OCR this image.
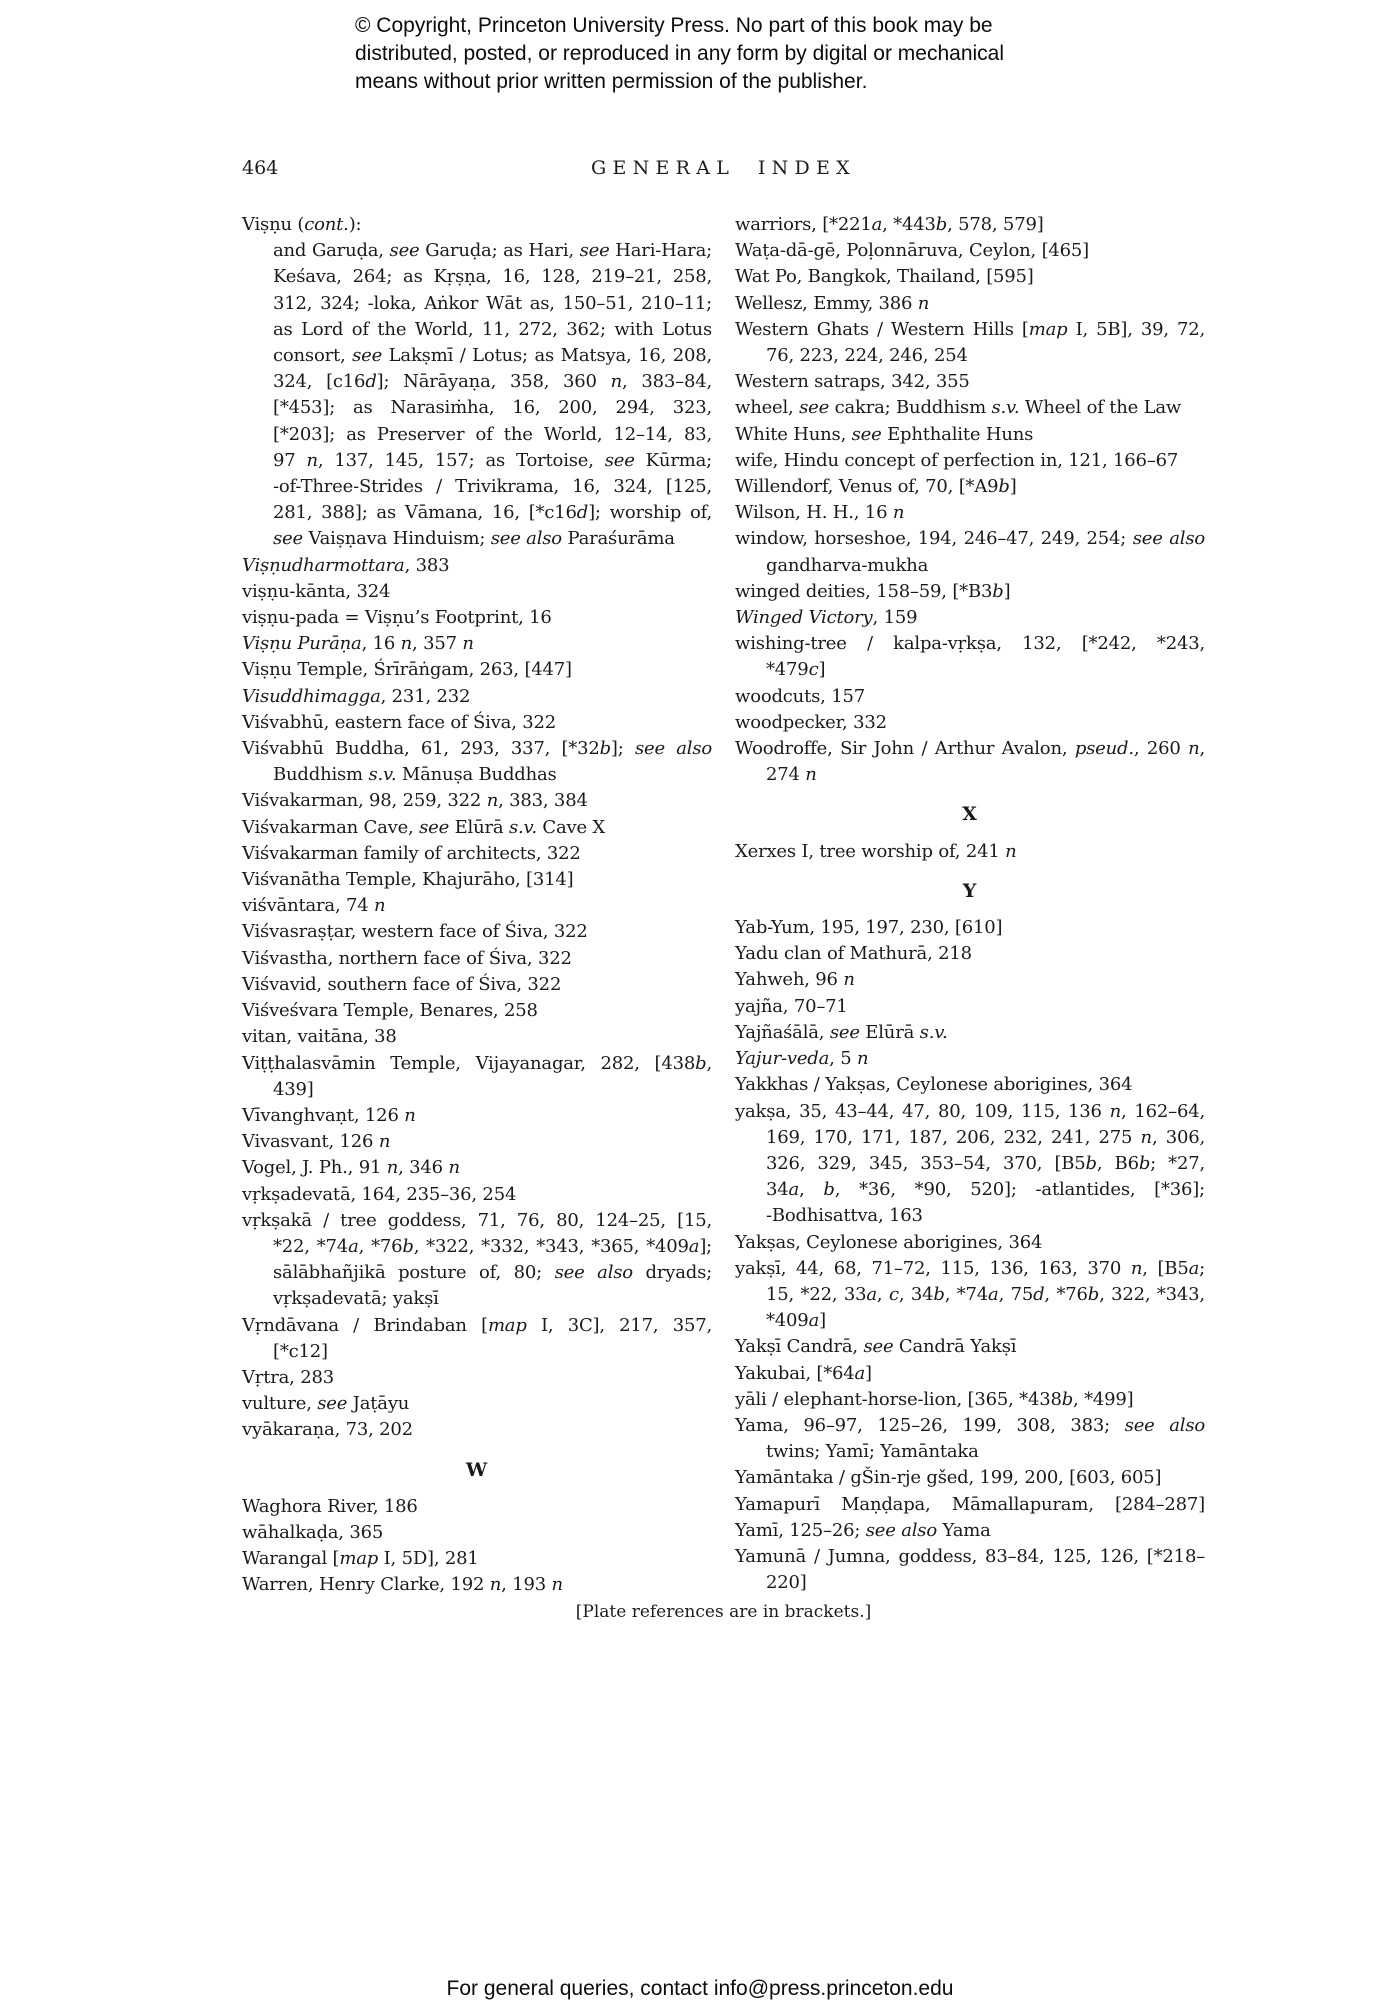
© Copyright, Princeton University Press. No part of this book may be
distributed, posted, or reproduced in any form by digital or mechanical
means without prior written permission of the publisher.
464	GENERAL INDEX
Viṣṇu (cont.):
and Garuḍa, see Garuḍa; as Hari, see Hari-Hara;
Keśava, 264; as Kṛṣṇa, 16, 128, 219–21, 258,
312, 324; -loka, Aṅkor Wāt as, 150–51, 210–11;
as Lord of the World, 11, 272, 362; with Lotus
consort, see Lakṣmī / Lotus; as Matsya, 16, 208,
324, [c16d]; Nārāyaṇa, 358, 360 n, 383–84,
[*453]; as Narasiṁha, 16, 200, 294, 323,
[*203]; as Preserver of the World, 12–14, 83,
97 n, 137, 145, 157; as Tortoise, see Kūrma;
-of-Three-Strides / Trivikrama, 16, 324, [125,
281, 388]; as Vāmana, 16, [*c16d]; worship of,
see Vaiṣṇava Hinduism; see also Paraśurāma
Viṣṇudharmottara, 383
viṣṇu-kānta, 324
viṣṇu-pada = Viṣṇu’s Footprint, 16
Viṣṇu Purāṇa, 16 n, 357 n
Viṣṇu Temple, Śrīrāṅgam, 263, [447]
Visuddhimagga, 231, 232
Viśvabhū, eastern face of Śiva, 322
Viśvabhū Buddha, 61, 293, 337, [*32b]; see also
Buddhism s.v. Mānuṣa Buddhas
Viśvakarman, 98, 259, 322 n, 383, 384
Viśvakarman Cave, see Elūrā s.v. Cave X
Viśvakarman family of architects, 322
Viśvanātha Temple, Khajurāho, [314]
viśvāntara, 74 n
Viśvasraṣṭar, western face of Śiva, 322
Viśvastha, northern face of Śiva, 322
Viśvavid, southern face of Śiva, 322
Viśveśvara Temple, Benares, 258
vitan, vaitāna, 38
Viṭṭhalasvāmin Temple, Vijayanagar, 282, [438b,
439]
Vīvanghvaṇt, 126 n
Vivasvant, 126 n
Vogel, J. Ph., 91 n, 346 n
vṛkṣadevatā, 164, 235–36, 254
vṛkṣakā / tree goddess, 71, 76, 80, 124–25, [15,
*22, *74a, *76b, *322, *332, *343, *365, *409a];
sālābhañjikā posture of, 80; see also dryads;
vṛkṣadevatā; yakṣī
Vṛndāvana / Brindaban [map I, 3C], 217, 357,
[*c12]
Vṛtra, 283
vulture, see Jaṭāyu
vyākaraṇa, 73, 202
W
Waghora River, 186
wāhalkaḍa, 365
Warangal [map I, 5D], 281
Warren, Henry Clarke, 192 n, 193 n
warriors, [*221a, *443b, 578, 579]
Waṭa-dā-gē, Poḷonnāruva, Ceylon, [465]
Wat Po, Bangkok, Thailand, [595]
Wellesz, Emmy, 386 n
Western Ghats / Western Hills [map I, 5B], 39, 72,
76, 223, 224, 246, 254
Western satraps, 342, 355
wheel, see cakra; Buddhism s.v. Wheel of the Law
White Huns, see Ephthalite Huns
wife, Hindu concept of perfection in, 121, 166–67
Willendorf, Venus of, 70, [*A9b]
Wilson, H. H., 16 n
window, horseshoe, 194, 246–47, 249, 254; see also
gandharva-mukha
winged deities, 158–59, [*B3b]
Winged Victory, 159
wishing-tree / kalpa-vṛkṣa, 132, [*242, *243,
*479c]
woodcuts, 157
woodpecker, 332
Woodroffe, Sir John / Arthur Avalon, pseud., 260 n,
274 n
X
Xerxes I, tree worship of, 241 n
Y
Yab-Yum, 195, 197, 230, [610]
Yadu clan of Mathurā, 218
Yahweh, 96 n
yajña, 70–71
Yajñaśālā, see Elūrā s.v.
Yajur-veda, 5 n
Yakkhas / Yakṣas, Ceylonese aborigines, 364
yakṣa, 35, 43–44, 47, 80, 109, 115, 136 n, 162–64,
169, 170, 171, 187, 206, 232, 241, 275 n, 306,
326, 329, 345, 353–54, 370, [B5b, B6b; *27,
34a, b, *36, *90, 520]; -atlantides, [*36];
-Bodhisattva, 163
Yakṣas, Ceylonese aborigines, 364
yakṣī, 44, 68, 71–72, 115, 136, 163, 370 n, [B5a;
15, *22, 33a, c, 34b, *74a, 75d, *76b, 322, *343,
*409a]
Yakṣī Candrā, see Candrā Yakṣī
Yakubai, [*64a]
yāli / elephant-horse-lion, [365, *438b, *499]
Yama, 96–97, 125–26, 199, 308, 383; see also
twins; Yamī; Yamāntaka
Yamāntaka / gŠin-rje gšed, 199, 200, [603, 605]
Yamapurī Maṇḍapa, Māmallapuram, [284–287]
Yamī, 125–26; see also Yama
Yamunā / Jumna, goddess, 83–84, 125, 126, [*218–
220]
[Plate references are in brackets.]
For general queries, contact info@press.princeton.edu
